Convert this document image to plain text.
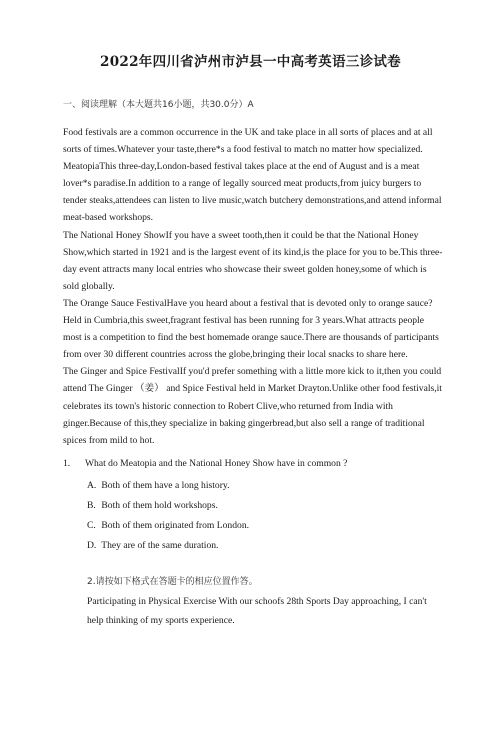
2022年四川省泸州市泸县一中高考英语三诊试卷
一、阅读理解（本大题共16小题，共30.0分）A

Food festivals are a common occurrence in the UK and take place in all sorts of places and at all sorts of times.Whatever your taste,there*s a food festival to match no matter how specialized. MeatopiaThis three-day,London-based festival takes place at the end of August and is a meat lover*s paradise.In addition to a range of legally sourced meat products,from juicy burgers to tender steaks,attendees can listen to live music,watch butchery demonstrations,and attend informal meat-based workshops.

The National Honey ShowIf you have a sweet tooth,then it could be that the National Honey Show,which started in 1921 and is the largest event of its kind,is the place for you to be.This three-day event attracts many local entries who showcase their sweet golden honey,some of which is sold globally.

The Orange Sauce FestivalHave you heard about a festival that is devoted only to orange sauce? Held in Cumbria,this sweet,fragrant festival has been running for 3 years.What attracts people most is a competition to find the best homemade orange sauce.There are thousands of participants from over 30 different countries across the globe,bringing their local snacks to share here.

The Ginger and Spice FestivalIf you'd prefer something with a little more kick to it,then you could attend The Ginger （姜） and Spice Festival held in Market Drayton.Unlike other food festivals,it celebrates its town's historic connection to Robert Clive,who returned from India with ginger.Because of this,they specialize in baking gingerbread,but also sell a range of traditional spices from mild to hot.

1. What do Meatopia and the National Honey Show have in common ?
A. Both of them have a long history.
B. Both of them hold workshops.
C. Both of them originated from London.
D. They are of the same duration.
2.请按如下格式在答题卡的相应位置作答。
Participating in Physical Exercise With our schoofs 28th Sports Day approaching, I can't help thinking of my sports experience.
